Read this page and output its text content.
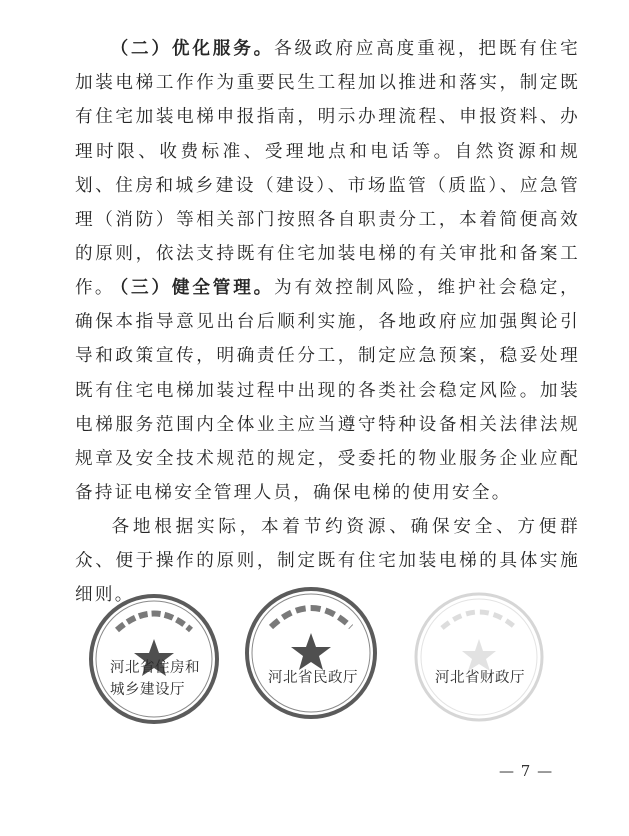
（二）优化服务。各级政府应高度重视，把既有住宅加装电梯工作作为重要民生工程加以推进和落实，制定既有住宅加装电梯申报指南，明示办理流程、申报资料、办理时限、收费标准、受理地点和电话等。自然资源和规划、住房和城乡建设（建设）、市场监管（质监）、应急管理（消防）等相关部门按照各自职责分工，本着简便高效的原则，依法支持既有住宅加装电梯的有关审批和备案工作。

（三）健全管理。为有效控制风险，维护社会稳定，确保本指导意见出台后顺利实施，各地政府应加强舆论引导和政策宣传，明确责任分工，制定应急预案，稳妥处理既有住宅电梯加装过程中出现的各类社会稳定风险。加装电梯服务范围内全体业主应当遵守特种设备相关法律法规规章及安全技术规范的规定，受委托的物业服务企业应配备持证电梯安全管理人员，确保电梯的使用安全。

各地根据实际，本着节约资源、确保安全、方便群众、便于操作的原则，制定既有住宅加装电梯的具体实施细则。

河北省住房和
城乡建设厅
河北省民政厅	河北省财政厅
— 7 —
